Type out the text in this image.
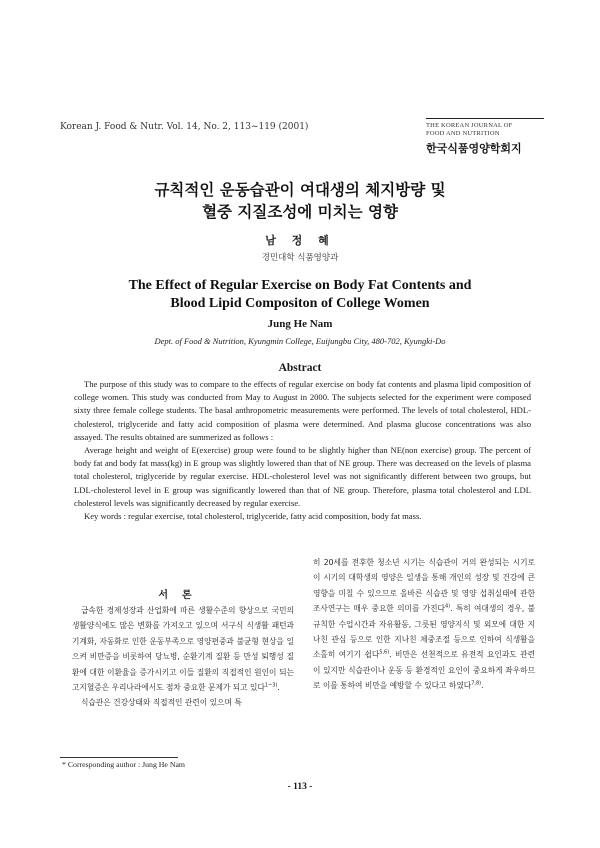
Korean J. Food & Nutr. Vol. 14, No. 2, 113~119 (2001)	THE KOREAN JOURNAL OF
FOOD AND NUTRITION
한국식품영양학회지
규칙적인 운동습관이 여대생의 체지방량 및
혈중 지질조성에 미치는 영향
남 정 혜
경민대학 식품영양과
The Effect of Regular Exercise on Body Fat Contents and
Blood Lipid Compositon of College Women
Jung He Nam
Dept. of Food & Nutrition, Kyungmin College, Euijungbu City, 480-702, Kyungki-Do
Abstract

The purpose of this study was to compare to the effects of regular exercise on body fat contents and plasma lipid composition of college women. This study was conducted from May to August in 2000. The subjects selected for the experiment were composed sixty three female college students. The basal anthropometric measurements were performed. The levels of total cholesterol, HDL-cholesterol, triglyceride and fatty acid composition of plasma were determined. And plasma glucose concentrations was also assayed. The results obtained are summerized as follows :

Average height and weight of E(exercise) group were found to be slightly higher than NE(non exercise) group. The percent of body fat and body fat mass(kg) in E group was slightly lowered than that of NE group. There was decreased on the levels of plasma total cholesterol, triglyceride by regular exercise. HDL-cholesterol level was not significantly different between two groups, but LDL-cholesterol level in E group was significantly lowered than that of NE group. Therefore, plasma total cholesterol and LDL cholesterol levels was significantly decreased by regular exercise.

Key words : regular exercise, total cholesterol, triglyceride, fatty acid composition, body fat mass.

서론

급속한 경제성장과 산업화에 따른 생활수준의 향상으로 국민의 생활양식에도 많은 변화를 가져오고 있으며 서구식 식생활 패턴과 기계화, 자동화로 인한 운동부족으로 영양편중과 불균형 현상을 일으켜 비만증을 비롯하여 당뇨병, 순환기계 질환 등 만성 퇴행성 질환에 대한 이환율을 증가시키고 이들 질환의 직접적인 원인이 되는 고지혈증은 우리나라에서도 점차 중요한 문제가 되고 있다$^{1\sim 3)}$.

식습관은 건강상태와 직접적인 관련이 있으며 특

히 20세를 전후한 청소년 시기는 식습관이 거의 완성되는 시기로 이 시기의 대학생의 영양은 일생을 통해 개인의 성장 및 건강에 큰 영향을 미칠 수 있으므로 올바른 식습관 및 영양 섭취실태에 관한 조사연구는 매우 중요한 의미를 가진다$^{4)}$. 특히 여대생의 경우, 불규칙한 수업시간과 자유활동, 그릇된 영양지식 및 외모에 대한 지나친 관심 등으로 인한 지나친 체중조절 등으로 인하여 식생활을 소홀히 여기기 쉽다$^{5,6)}$. 비만은 선천적으로 유전적 요인과도 관련이 있지만 식습관이나 운동 등 환경적인 요인이 중요하게 좌우하므로 이를 통하여 비만을 예방할 수 있다고 하였다$^{7,8)}$.

* Corresponding author : Jung He Nam
- 113 -
